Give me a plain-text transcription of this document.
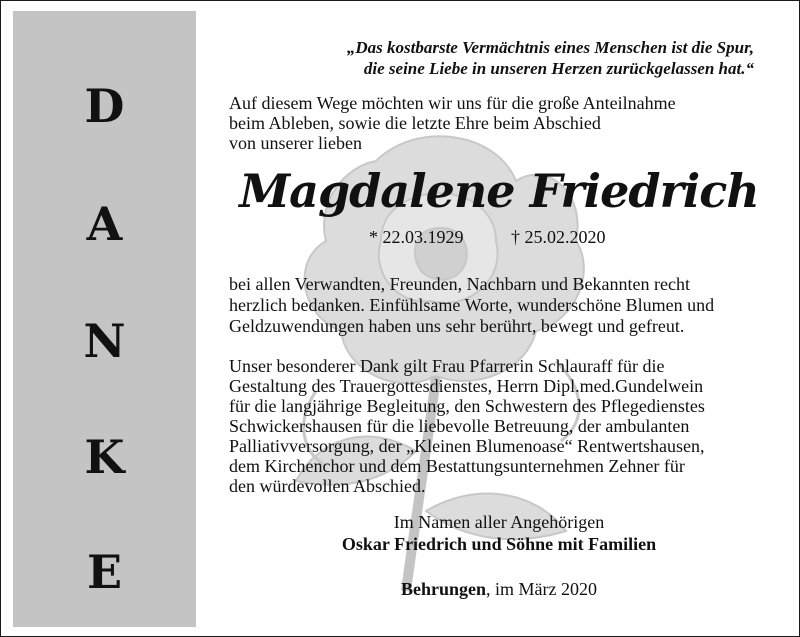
D
A
N
K
E
„Das kostbarste Vermächtnis eines Menschen ist die Spur,
die seine Liebe in unseren Herzen zurückgelassen hat.“
Auf diesem Wege möchten wir uns für die große Anteilnahme
beim Ableben, sowie die letzte Ehre beim Abschied
von unserer lieben
Magdalene Friedrich
* 22.03.1929	† 25.02.2020
bei allen Verwandten, Freunden, Nachbarn und Bekannten recht
herzlich bedanken. Einfühlsame Worte, wunderschöne Blumen und
Geldzuwendungen haben uns sehr berührt, bewegt und gefreut.
Unser besonderer Dank gilt Frau Pfarrerin Schlauraff für die
Gestaltung des Trauergottesdienstes, Herrn Dipl.med.Gundelwein
für die langjährige Begleitung, den Schwestern des Pflegedienstes
Schwickershausen für die liebevolle Betreuung, der ambulanten
Palliativversorgung, der „Kleinen Blumenoase“ Rentwertshausen,
dem Kirchenchor und dem Bestattungsunternehmen Zehner für
den würdevollen Abschied.
Im Namen aller Angehörigen
Oskar Friedrich und Söhne mit Familien
Behrungen, im März 2020
